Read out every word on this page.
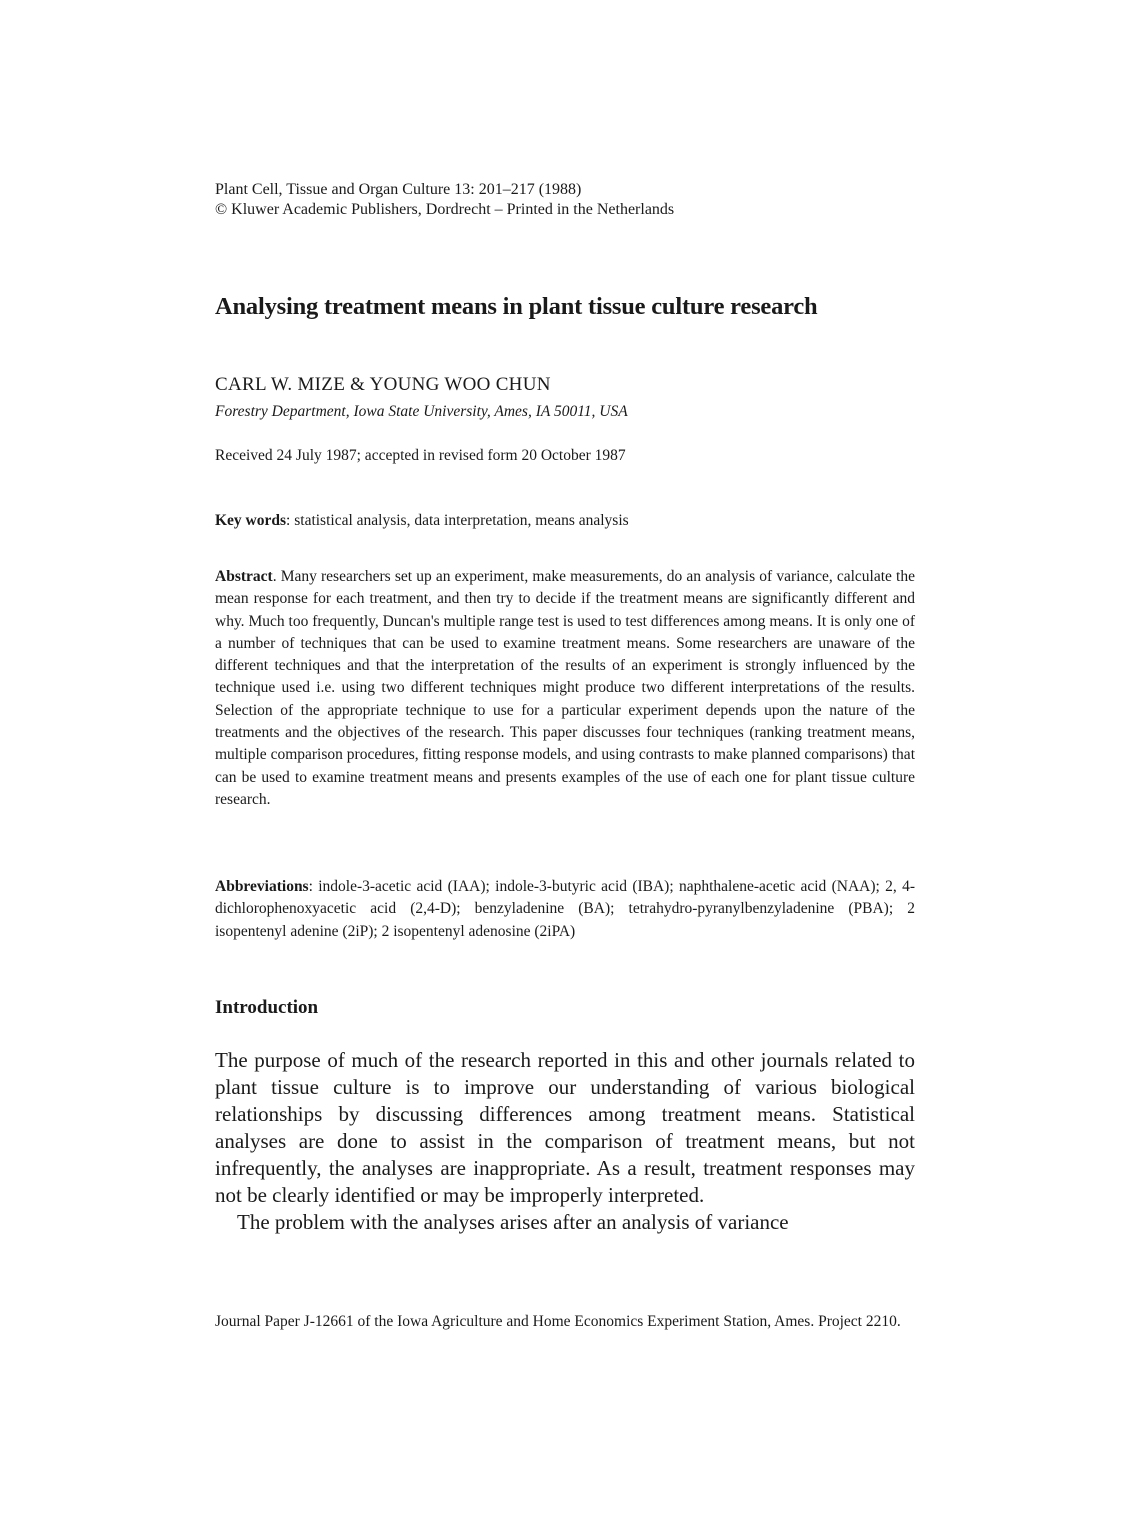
Plant Cell, Tissue and Organ Culture 13: 201–217 (1988)
© Kluwer Academic Publishers, Dordrecht – Printed in the Netherlands
Analysing treatment means in plant tissue culture research
CARL W. MIZE & YOUNG WOO CHUN
Forestry Department, Iowa State University, Ames, IA 50011, USA
Received 24 July 1987; accepted in revised form 20 October 1987
Key words: statistical analysis, data interpretation, means analysis
Abstract. Many researchers set up an experiment, make measurements, do an analysis of variance, calculate the mean response for each treatment, and then try to decide if the treatment means are significantly different and why. Much too frequently, Duncan's multiple range test is used to test differences among means. It is only one of a number of techniques that can be used to examine treatment means. Some researchers are unaware of the different techniques and that the interpretation of the results of an experiment is strongly influenced by the technique used i.e. using two different techniques might produce two different interpretations of the results. Selection of the appropriate technique to use for a particular experiment depends upon the nature of the treatments and the objectives of the research. This paper discusses four techniques (ranking treatment means, multiple comparison procedures, fitting response models, and using contrasts to make planned comparisons) that can be used to examine treatment means and presents examples of the use of each one for plant tissue culture research.
Abbreviations: indole-3-acetic acid (IAA); indole-3-butyric acid (IBA); naphthalene-acetic acid (NAA); 2, 4-dichlorophenoxyacetic acid (2,4-D); benzyladenine (BA); tetrahydro-pyranylbenzyladenine (PBA); 2 isopentenyl adenine (2iP); 2 isopentenyl adenosine (2iPA)
Introduction

The purpose of much of the research reported in this and other journals related to plant tissue culture is to improve our understanding of various biological relationships by discussing differences among treatment means. Statistical analyses are done to assist in the comparison of treatment means, but not infrequently, the analyses are inappropriate. As a result, treatment responses may not be clearly identified or may be improperly interpreted.

The problem with the analyses arises after an analysis of variance

Journal Paper J-12661 of the Iowa Agriculture and Home Economics Experiment Station, Ames. Project 2210.
